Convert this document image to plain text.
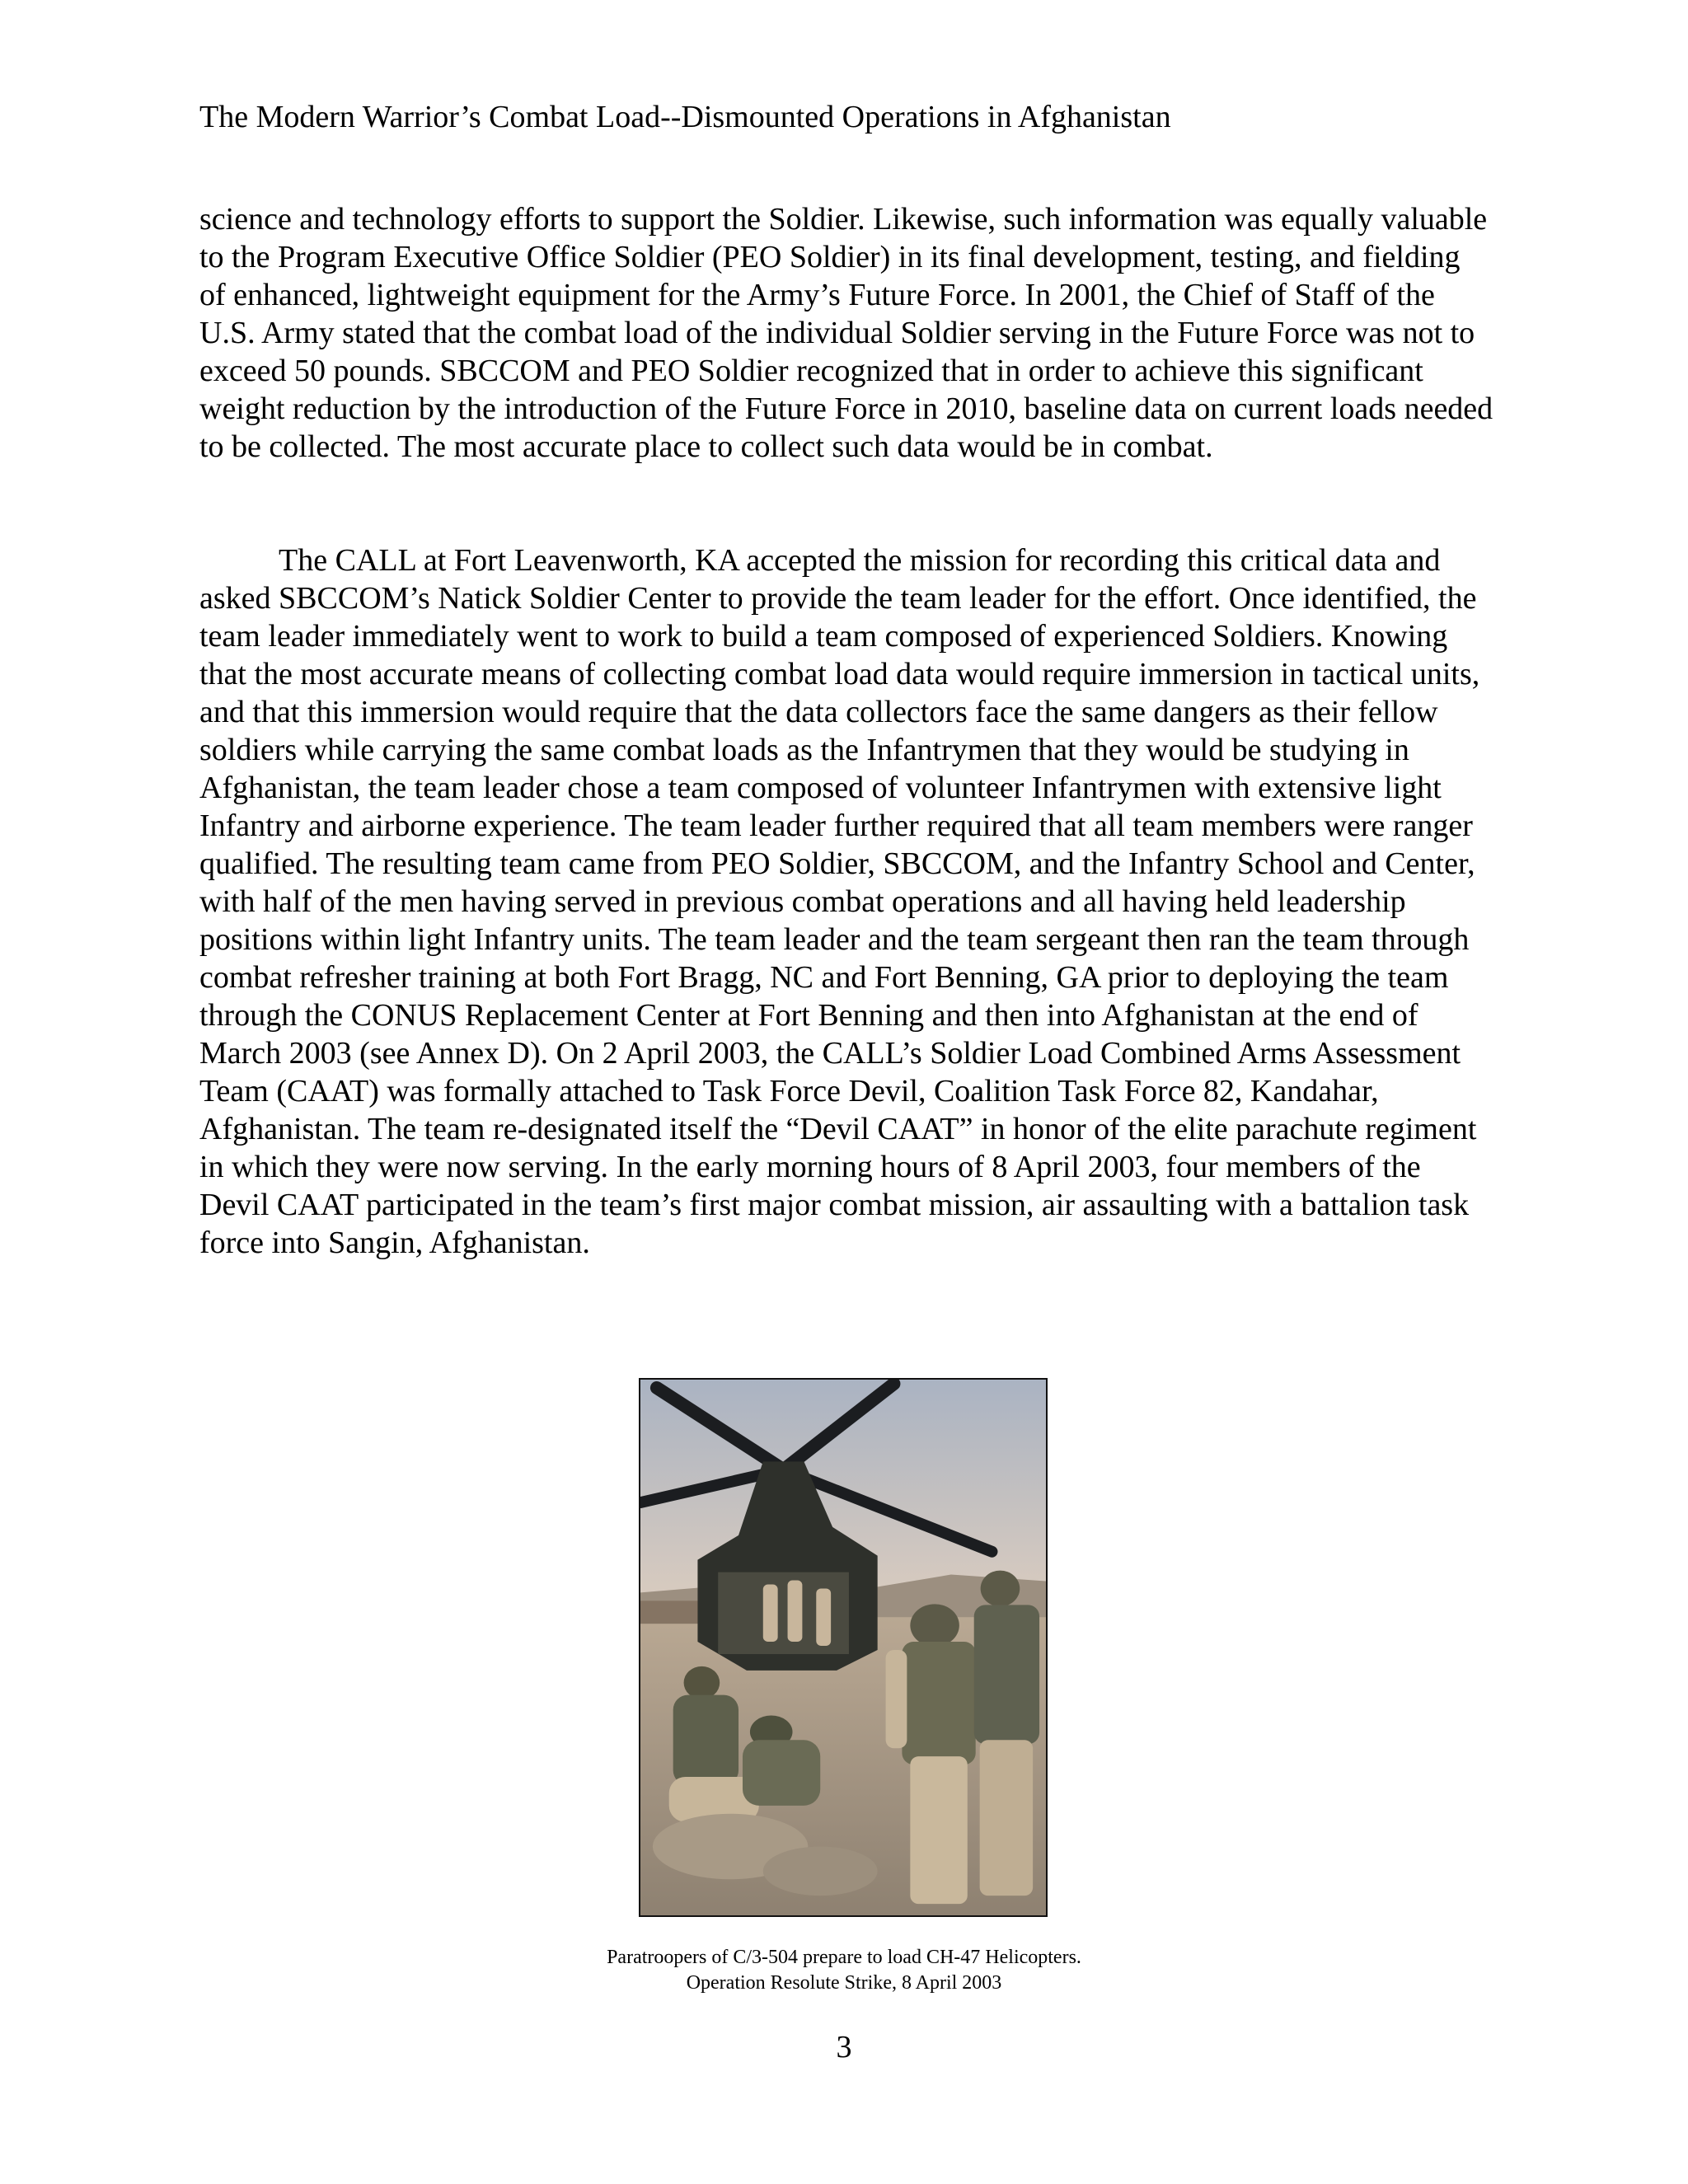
The Modern Warrior’s Combat Load--Dismounted Operations in Afghanistan

science and technology efforts to support the Soldier. Likewise, such information was equally valuable to the Program Executive Office Soldier (PEO Soldier) in its final development, testing, and fielding of enhanced, lightweight equipment for the Army’s Future Force. In 2001, the Chief of Staff of the U.S. Army stated that the combat load of the individual Soldier serving in the Future Force was not to exceed 50 pounds. SBCCOM and PEO Soldier recognized that in order to achieve this significant weight reduction by the introduction of the Future Force in 2010, baseline data on current loads needed to be collected. The most accurate place to collect such data would be in combat.

The CALL at Fort Leavenworth, KA accepted the mission for recording this critical data and asked SBCCOM’s Natick Soldier Center to provide the team leader for the effort. Once identified, the team leader immediately went to work to build a team composed of experienced Soldiers. Knowing that the most accurate means of collecting combat load data would require immersion in tactical units, and that this immersion would require that the data collectors face the same dangers as their fellow soldiers while carrying the same combat loads as the Infantrymen that they would be studying in Afghanistan, the team leader chose a team composed of volunteer Infantrymen with extensive light Infantry and airborne experience. The team leader further required that all team members were ranger qualified. The resulting team came from PEO Soldier, SBCCOM, and the Infantry School and Center, with half of the men having served in previous combat operations and all having held leadership positions within light Infantry units. The team leader and the team sergeant then ran the team through combat refresher training at both Fort Bragg, NC and Fort Benning, GA prior to deploying the team through the CONUS Replacement Center at Fort Benning and then into Afghanistan at the end of March 2003 (see Annex D). On 2 April 2003, the CALL’s Soldier Load Combined Arms Assessment Team (CAAT) was formally attached to Task Force Devil, Coalition Task Force 82, Kandahar, Afghanistan. The team re-designated itself the “Devil CAAT” in honor of the elite parachute regiment in which they were now serving. In the early morning hours of 8 April 2003, four members of the Devil CAAT participated in the team’s first major combat mission, air assaulting with a battalion task force into Sangin, Afghanistan.

Paratroopers of C/3-504 prepare to load CH-47 Helicopters.
Operation Resolute Strike, 8 April 2003
3
